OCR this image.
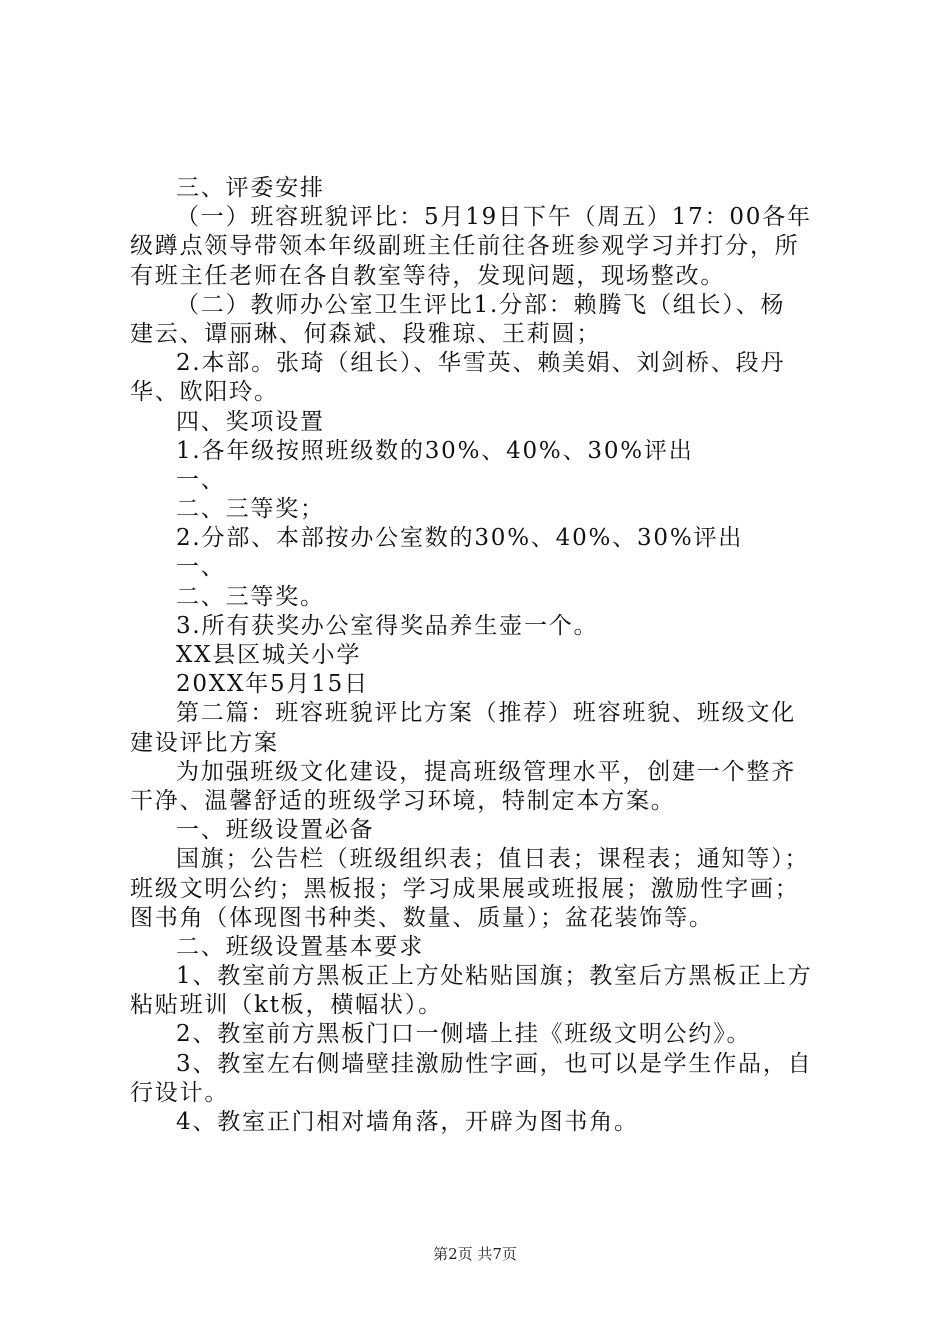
三、评委安排
（一）班容班貌评比：5月19日下午（周五）17：00各年
级蹲点领导带领本年级副班主任前往各班参观学习并打分，所
有班主任老师在各自教室等待，发现问题，现场整改。
（二）教师办公室卫生评比1.分部：赖腾飞（组长）、杨
建云、谭丽琳、何森斌、段雅琼、王莉圆；
2.本部。张琦（组长）、华雪英、赖美娟、刘剑桥、段丹
华、欧阳玲。
四、奖项设置
1.各年级按照班级数的30%、40%、30%评出
一、
二、三等奖；
2.分部、本部按办公室数的30%、40%、30%评出
一、
二、三等奖。
3.所有获奖办公室得奖品养生壶一个。
XX县区城关小学
20XX年5月15日
第二篇：班容班貌评比方案（推荐）班容班貌、班级文化
建设评比方案
为加强班级文化建设，提高班级管理水平，创建一个整齐
干净、温馨舒适的班级学习环境，特制定本方案。
一、班级设置必备
国旗；公告栏（班级组织表；值日表；课程表；通知等）；
班级文明公约；黑板报；学习成果展或班报展；激励性字画；
图书角（体现图书种类、数量、质量）；盆花装饰等。
二、班级设置基本要求
1、教室前方黑板正上方处粘贴国旗；教室后方黑板正上方
粘贴班训（kt板，横幅状）。
2、教室前方黑板门口一侧墙上挂《班级文明公约》。
3、教室左右侧墙壁挂激励性字画，也可以是学生作品，自
行设计。
4、教室正门相对墙角落，开辟为图书角。
第2页 共7页
